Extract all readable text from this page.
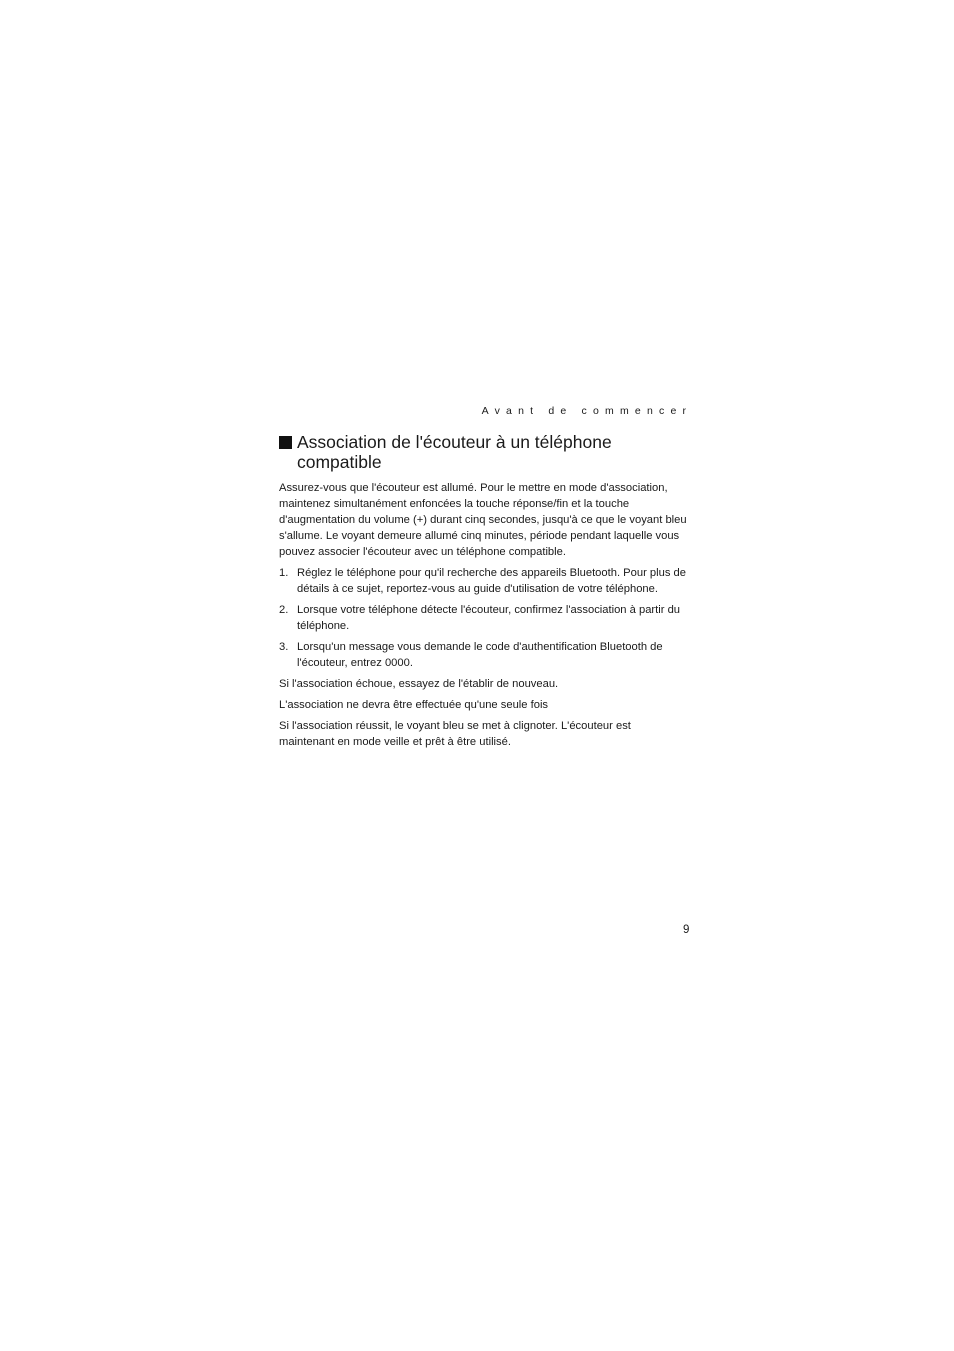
Avant de commencer
Association de l'écouteur à un téléphone compatible

Assurez-vous que l'écouteur est allumé. Pour le mettre en mode d'association, maintenez simultanément enfoncées la touche réponse/fin et la touche d'augmentation du volume (+) durant cinq secondes, jusqu'à ce que le voyant bleu s'allume. Le voyant demeure allumé cinq minutes, période pendant laquelle vous pouvez associer l'écouteur avec un téléphone compatible.

1. Réglez le téléphone pour qu'il recherche des appareils Bluetooth. Pour plus de détails à ce sujet, reportez-vous au guide d'utilisation de votre téléphone.
2. Lorsque votre téléphone détecte l'écouteur, confirmez l'association à partir du téléphone.
3. Lorsqu'un message vous demande le code d'authentification Bluetooth de l'écouteur, entrez 0000.

Si l'association échoue, essayez de l'établir de nouveau.

L'association ne devra être effectuée qu'une seule fois

Si l'association réussit, le voyant bleu se met à clignoter. L'écouteur est maintenant en mode veille et prêt à être utilisé.

9
